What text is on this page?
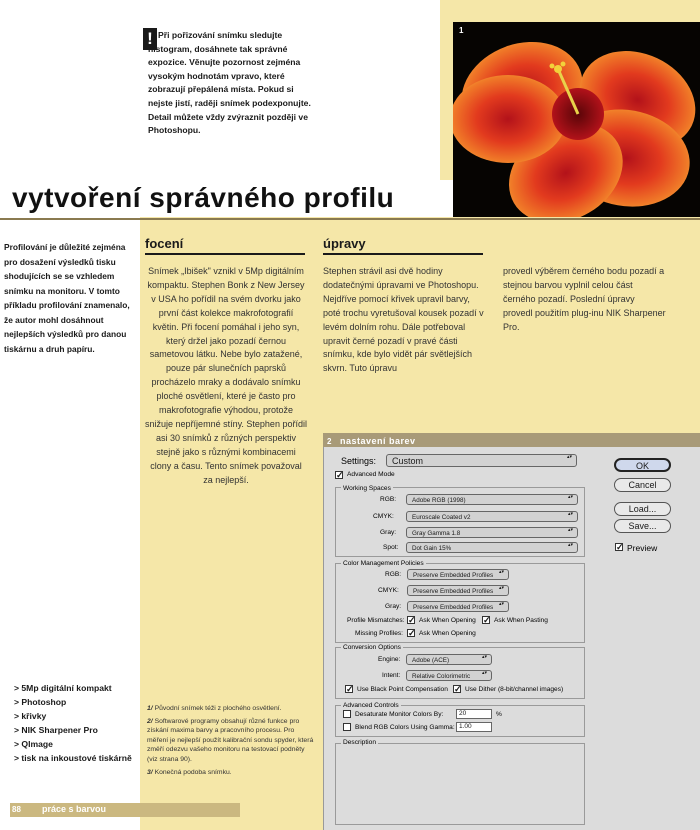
! Při pořizování snímku sledujte histogram, dosáhnete tak správné expozice. Věnujte pozornost zejména vysokým hodnotám vpravo, které zobrazují přepálená místa. Pokud si nejste jistí, raději snímek podexponujte. Detail můžete vždy zvýraznit později ve Photoshopu.
1
vytvoření správného profilu
Profilování je důležité zejména pro dosažení výsledků tisku shodujících se se vzhledem snímku na monitoru. V tomto příkladu profilování znamenalo, že autor mohl dosáhnout nejlepších výsledků pro danou tiskárnu a druh papíru.
focení	úpravy
Snímek „Ibišek" vznikl v 5Mp digitálním kompaktu. Stephen Bonk z New Jersey v USA ho pořídil na svém dvorku jako první část kolekce makrofotografií květin. Při focení pomáhal i jeho syn, který držel jako pozadí černou sametovou látku. Nebe bylo zatažené, pouze pár slunečních paprsků procházelo mraky a dodávalo snímku ploché osvětlení, které je často pro makrofotografie výhodou, protože snižuje nepříjemné stíny. Stephen pořídil asi 30 snímků z různých perspektiv stejně jako s různými kombinacemi clony a času. Tento snímek považoval za nejlepší.
Stephen strávil asi dvě hodiny dodatečnými úpravami ve Photoshopu. Nejdříve pomocí křivek upravil barvy, poté trochu vyretušoval kousek pozadí v levém dolním rohu. Dále potřeboval upravit černé pozadí v pravé části snímku, kde bylo vidět pár světlejších skvrn. Tuto úpravu
provedl výběrem černého bodu pozadí a stejnou barvou vyplnil celou část černého pozadí. Poslední úpravy provedl použitím plug-inu NIK Sharpener Pro.
> 5Mp digitální kompakt
> Photoshop
> křivky
> NIK Sharpener Pro
> QImage
> tisk na inkoustové tiskárně
1/ Původní snímek téži z plochého osvětlení.
2/ Softwarové programy obsahují různé funkce pro získání maxima barvy a pracovního procesu. Pro měření je nejlepší použít kalibrační sondu spyder, která změří odezvu vašeho monitoru na testovací podněty (viz strana 90).
3/ Konečná podoba snímku.
88 práce s barvou
2 nastavení barev
Settings:	Custom ▴▾
✓ Advanced Mode
Working Spaces
RGB:	Adobe RGB (1998) ▴▾
CMYK:	Euroscale Coated v2 ▴▾
Gray:	Gray Gamma 1.8 ▴▾
Spot:	Dot Gain 15% ▴▾
Color Management Policies
RGB:	Preserve Embedded Profiles ▴▾
CMYK:	Preserve Embedded Profiles ▴▾
Gray:	Preserve Embedded Profiles ▴▾
Profile Mismatches: ✓ Ask When Opening ✓ Ask When Pasting
Missing Profiles: ✓ Ask When Opening
Conversion Options
Engine:	Adobe (ACE) ▴▾
Intent:	Relative Colorimetric ▴▾
✓ Use Black Point Compensation ✓ Use Dither (8-bit/channel images)
Advanced Controls
Desaturate Monitor Colors By:	20	%
Blend RGB Colors Using Gamma: 1.00
Description
OK
Cancel
Load...
Save...
✓ Preview
